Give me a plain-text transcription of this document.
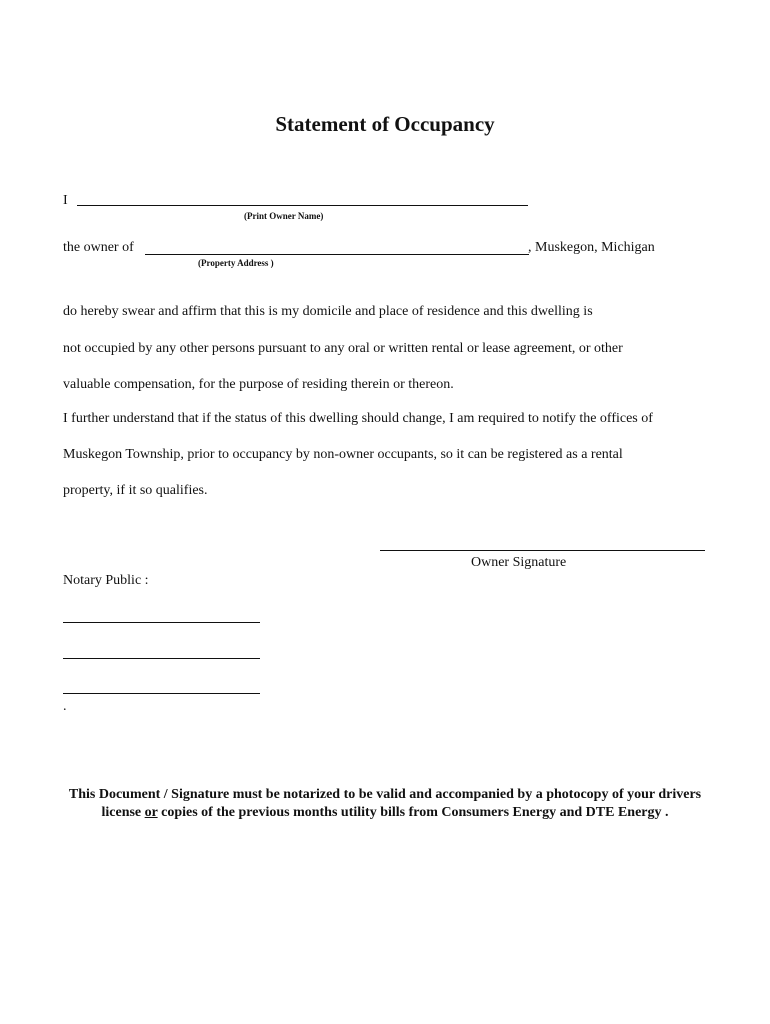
Statement of Occupancy
I
(Print Owner Name)
the owner of	, Muskegon, Michigan
(Property Address )
do hereby swear and affirm that this is my domicile and place of residence and this dwelling is
not occupied by any other persons pursuant to any oral or written rental or lease agreement, or other
valuable compensation, for the purpose of residing therein or thereon.
I further understand that if the status of this dwelling should change, I am required to notify the offices of
Muskegon Township, prior to occupancy by non-owner occupants, so it can be registered as a rental
property, if it so qualifies.
Owner Signature
Notary Public :
.
This Document / Signature must be notarized to be valid and accompanied by a photocopy of your drivers license or copies of the previous months utility bills from Consumers Energy and DTE Energy .
